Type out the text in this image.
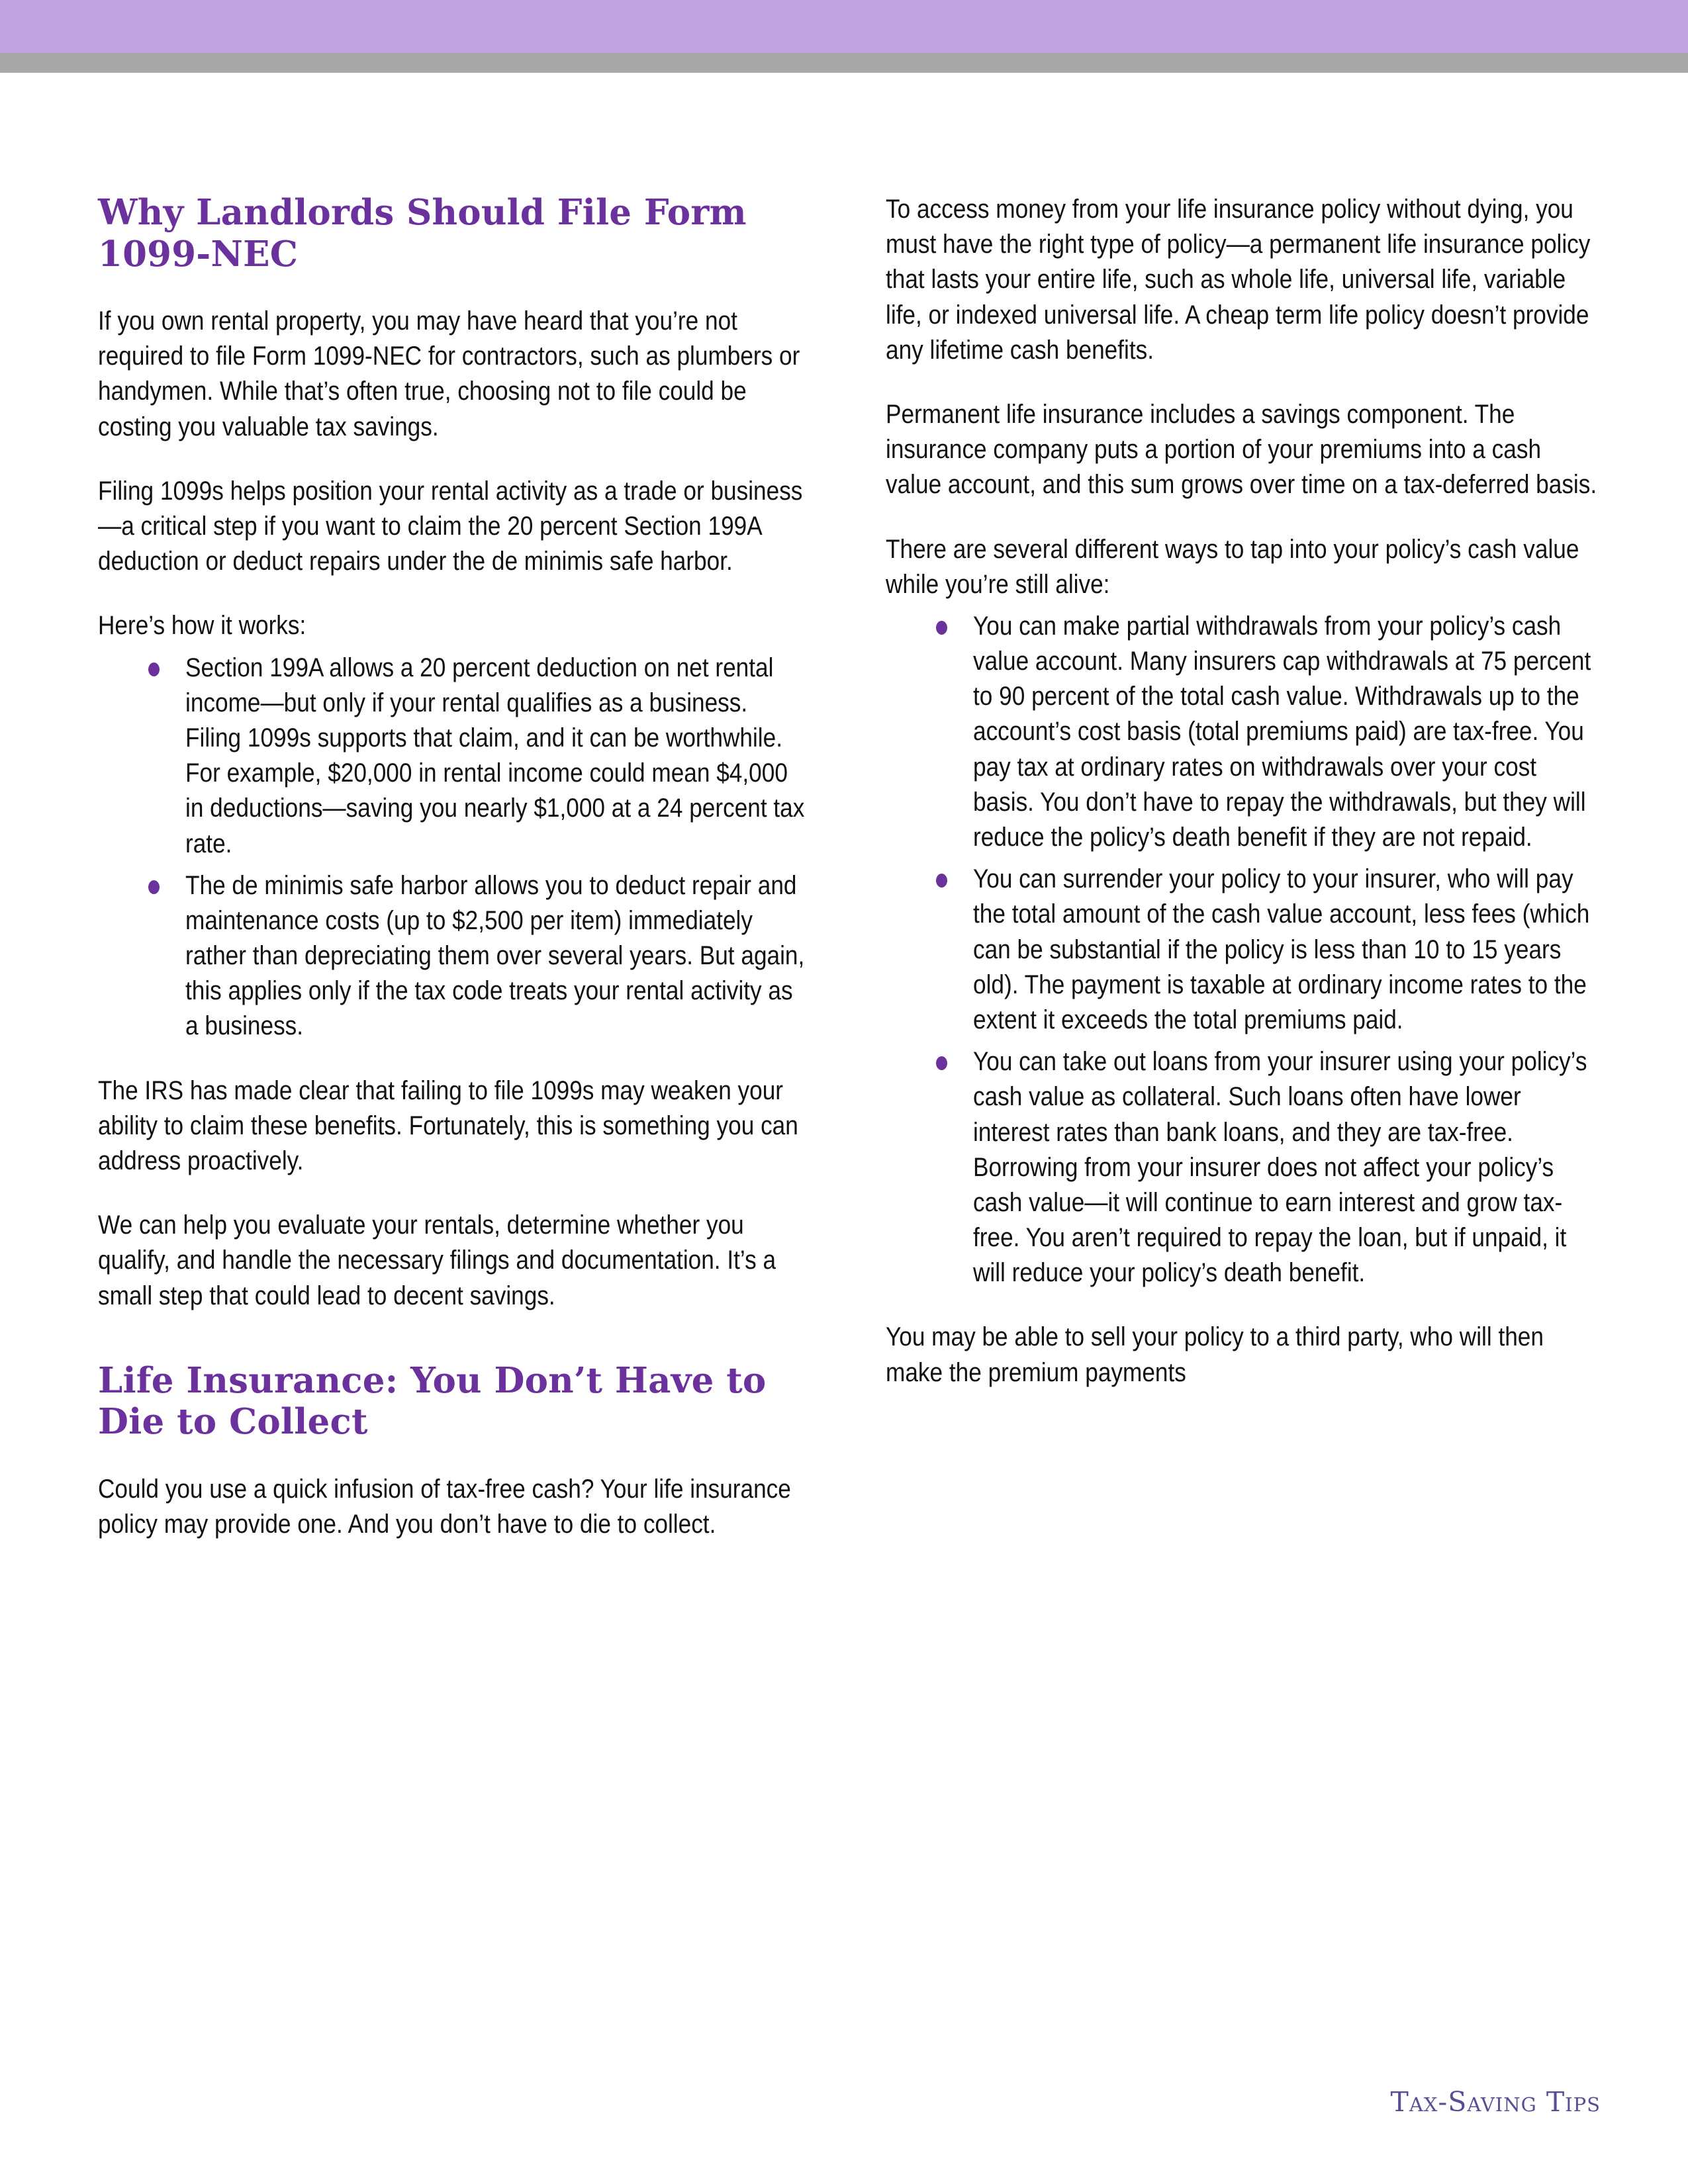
Why Landlords Should File Form 1099-NEC

If you own rental property, you may have heard that you’re not required to file Form 1099-NEC for contractors, such as plumbers or handymen. While that’s often true, choosing not to file could be costing you valuable tax savings.

Filing 1099s helps position your rental activity as a trade or business—a critical step if you want to claim the 20 percent Section 199A deduction or deduct repairs under the de minimis safe harbor.

Here’s how it works:

Section 199A allows a 20 percent deduction on net rental income—but only if your rental qualifies as a business. Filing 1099s supports that claim, and it can be worthwhile. For example, $20,000 in rental income could mean $4,000 in deductions—saving you nearly $1,000 at a 24 percent tax rate.
The de minimis safe harbor allows you to deduct repair and maintenance costs (up to $2,500 per item) immediately rather than depreciating them over several years. But again, this applies only if the tax code treats your rental activity as a business.

The IRS has made clear that failing to file 1099s may weaken your ability to claim these benefits. Fortunately, this is something you can address proactively.

We can help you evaluate your rentals, determine whether you qualify, and handle the necessary filings and documentation. It’s a small step that could lead to decent savings.

Life Insurance: You Don’t Have to Die to Collect

Could you use a quick infusion of tax-free cash? Your life insurance policy may provide one. And you don’t have to die to collect.

To access money from your life insurance policy without dying, you must have the right type of policy—a permanent life insurance policy that lasts your entire life, such as whole life, universal life, variable life, or indexed universal life. A cheap term life policy doesn’t provide any lifetime cash benefits.

Permanent life insurance includes a savings component. The insurance company puts a portion of your premiums into a cash value account, and this sum grows over time on a tax-deferred basis.

There are several different ways to tap into your policy’s cash value while you’re still alive:

You can make partial withdrawals from your policy’s cash value account. Many insurers cap withdrawals at 75 percent to 90 percent of the total cash value. Withdrawals up to the account’s cost basis (total premiums paid) are tax-free. You pay tax at ordinary rates on withdrawals over your cost basis. You don’t have to repay the withdrawals, but they will reduce the policy’s death benefit if they are not repaid.
You can surrender your policy to your insurer, who will pay the total amount of the cash value account, less fees (which can be substantial if the policy is less than 10 to 15 years old). The payment is taxable at ordinary income rates to the extent it exceeds the total premiums paid.
You can take out loans from your insurer using your policy’s cash value as collateral. Such loans often have lower interest rates than bank loans, and they are tax-free. Borrowing from your insurer does not affect your policy’s cash value—it will continue to earn interest and grow tax-free. You aren’t required to repay the loan, but if unpaid, it will reduce your policy’s death benefit.

You may be able to sell your policy to a third party, who will then make the premium payments

Tax-Saving Tips
